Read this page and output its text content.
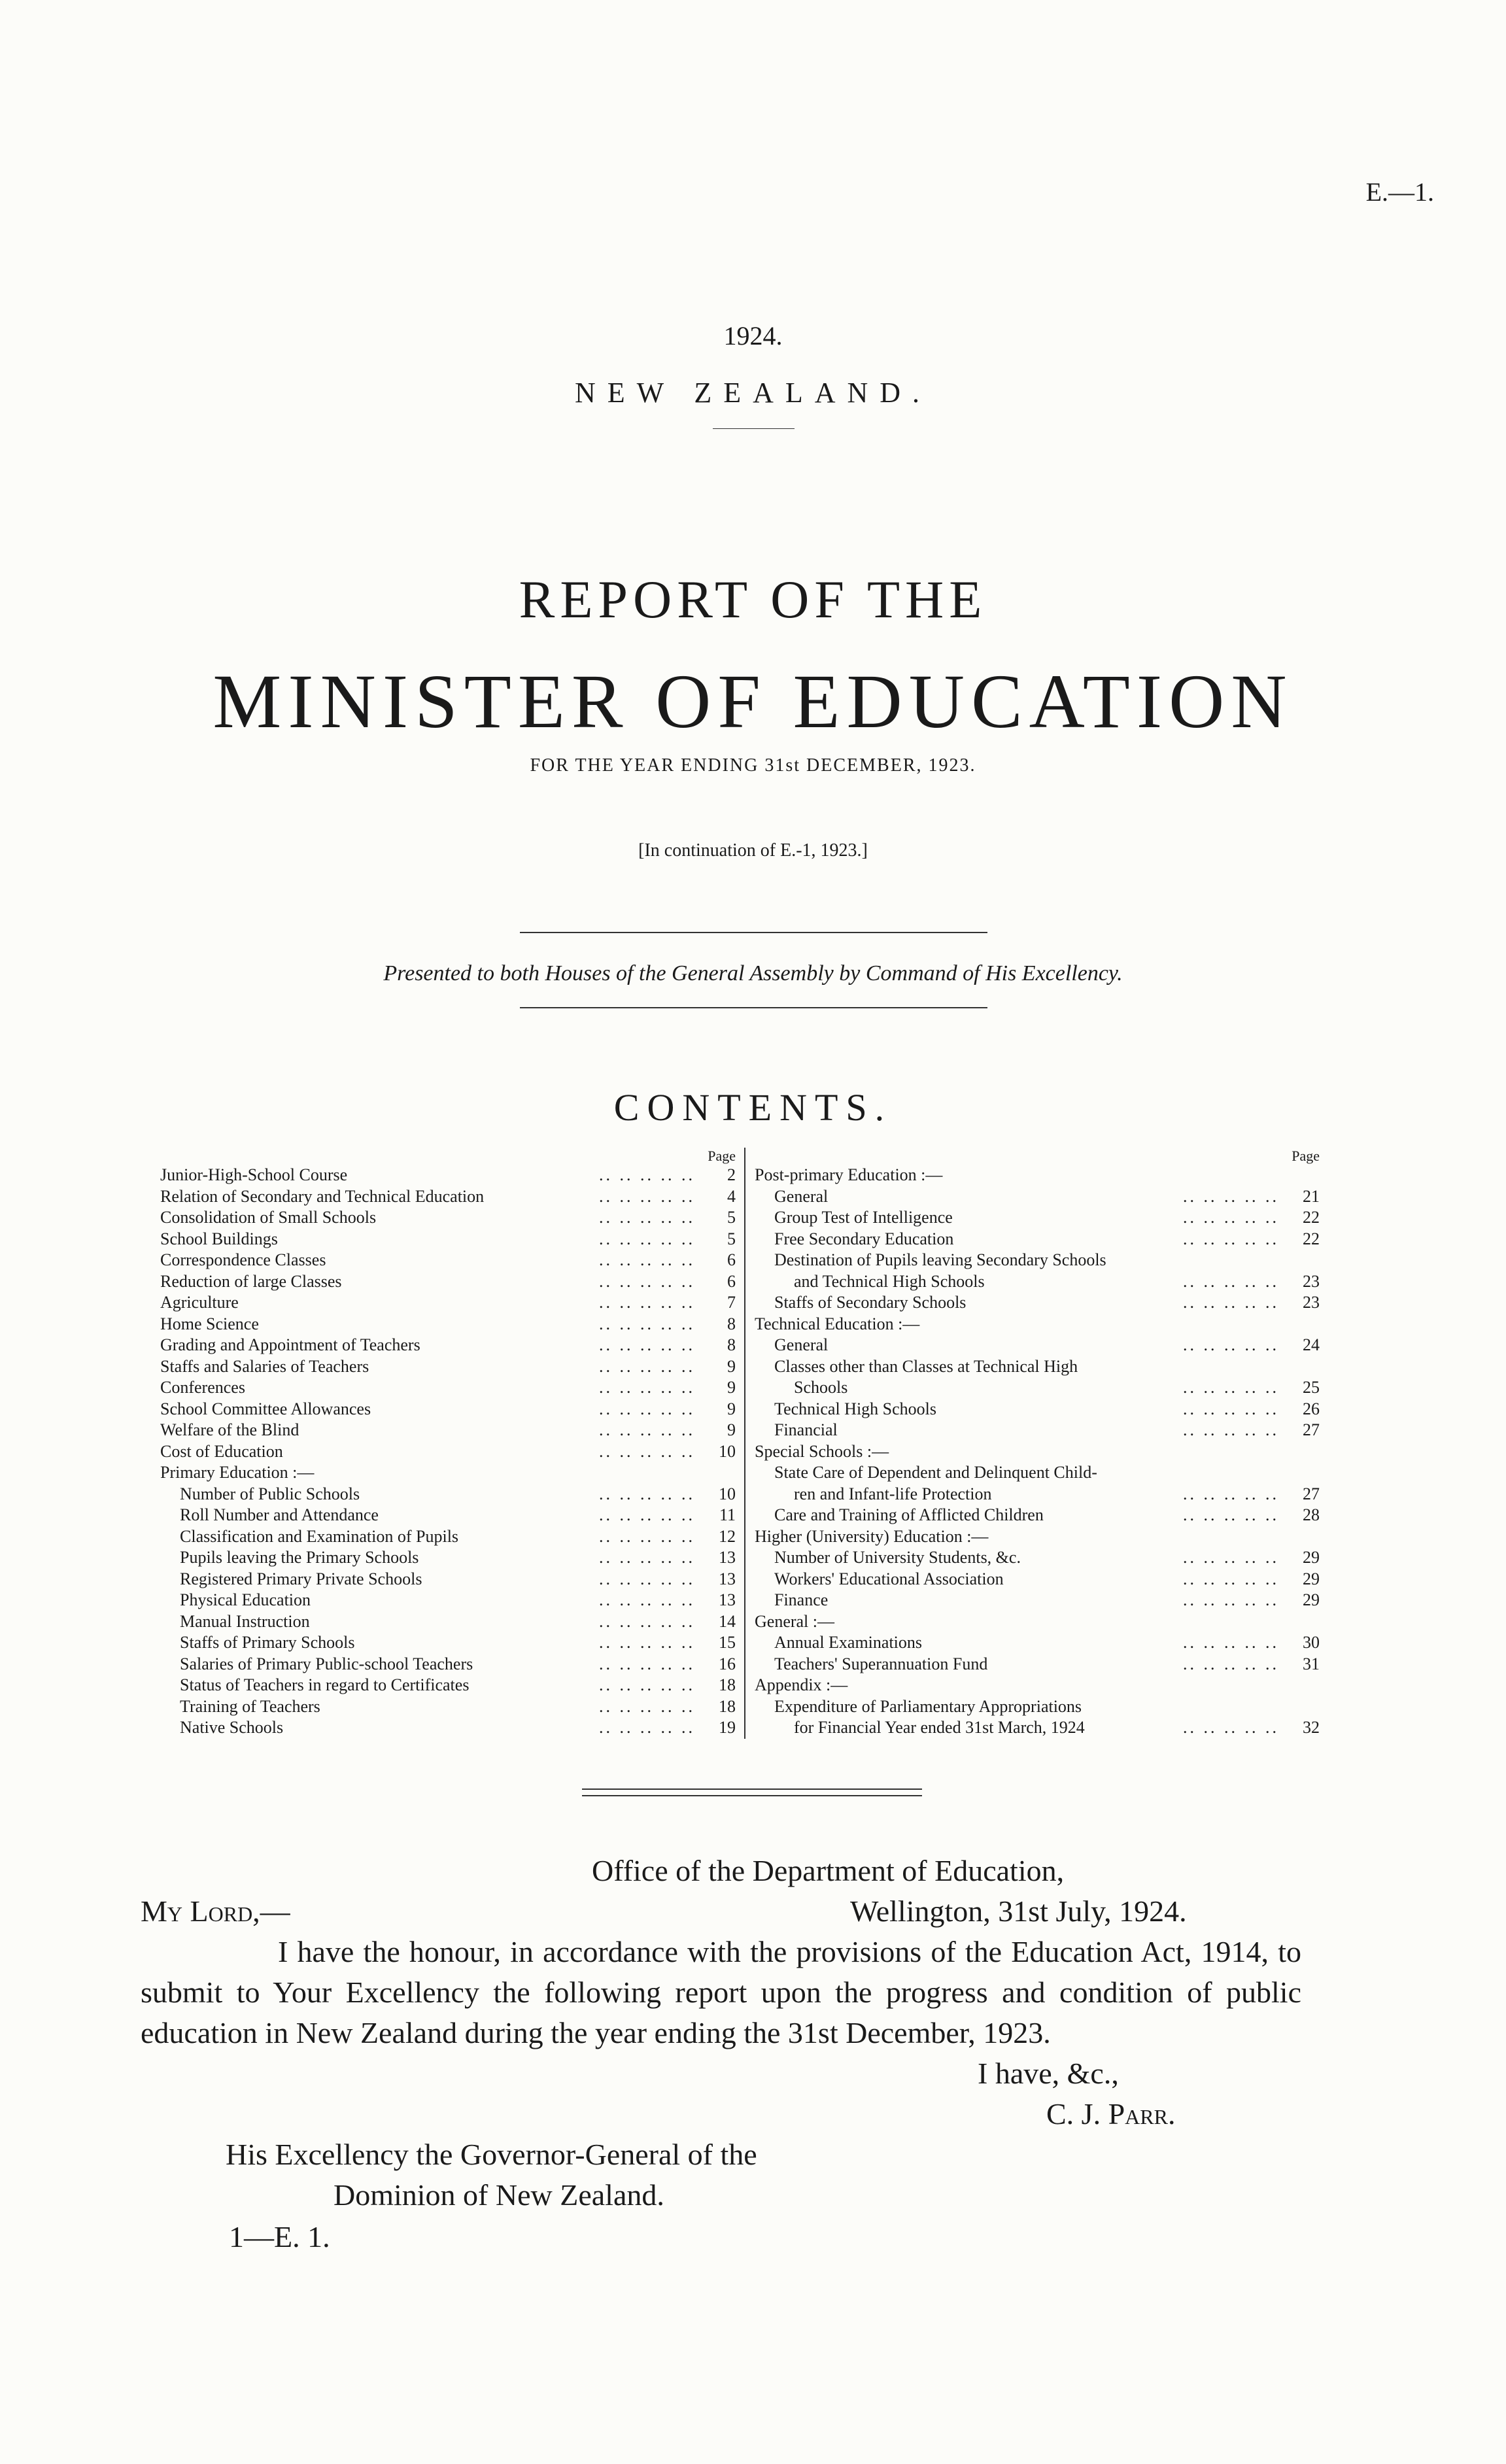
E.—1.
1924.
NEW ZEALAND.
REPORT OF THE
MINISTER OF EDUCATION
FOR THE YEAR ENDING 31st DECEMBER, 1923.
[In continuation of E.-1, 1923.]
Presented to both Houses of the General Assembly by Command of His Excellency.
CONTENTS.
Page
.. .. .. .. ..
Junior-High-School Course	2
.. .. .. .. ..
Relation of Secondary and Technical Education	4
.. .. .. .. ..
Consolidation of Small Schools	5
.. .. .. .. ..
School Buildings	5
.. .. .. .. ..
Correspondence Classes	6
.. .. .. .. ..
Reduction of large Classes	6
.. .. .. .. ..
Agriculture	7
.. .. .. .. ..
Home Science	8
.. .. .. .. ..
Grading and Appointment of Teachers	8
.. .. .. .. ..
Staffs and Salaries of Teachers	9
.. .. .. .. ..
Conferences	9
.. .. .. .. ..
School Committee Allowances	9
.. .. .. .. ..
Welfare of the Blind	9
.. .. .. .. ..
Cost of Education	10
Primary Education :—
.. .. .. .. ..
Number of Public Schools	10
.. .. .. .. ..
Roll Number and Attendance	11
.. .. .. .. ..
Classification and Examination of Pupils	12
.. .. .. .. ..
Pupils leaving the Primary Schools	13
.. .. .. .. ..
Registered Primary Private Schools	13
.. .. .. .. ..
Physical Education	13
.. .. .. .. ..
Manual Instruction	14
.. .. .. .. ..
Staffs of Primary Schools	15
.. .. .. .. ..
Salaries of Primary Public-school Teachers	16
.. .. .. .. ..
Status of Teachers in regard to Certificates	18
.. .. .. .. ..
Training of Teachers	18
.. .. .. .. ..
Native Schools	19
Page
Post-primary Education :—
.. .. .. .. ..
General	21
.. .. .. .. ..
Group Test of Intelligence	22
.. .. .. .. ..
Free Secondary Education	22
Destination of Pupils leaving Secondary Schools
.. .. .. .. ..
and Technical High Schools	23
.. .. .. .. ..
Staffs of Secondary Schools	23
Technical Education :—
.. .. .. .. ..
General	24
Classes other than Classes at Technical High
.. .. .. .. ..
Schools	25
.. .. .. .. ..
Technical High Schools	26
.. .. .. .. ..
Financial	27
Special Schools :—
State Care of Dependent and Delinquent Child-
.. .. .. .. ..
ren and Infant-life Protection	27
.. .. .. .. ..
Care and Training of Afflicted Children	28
Higher (University) Education :—
.. .. .. .. ..
Number of University Students, &c.	29
.. .. .. .. ..
Workers' Educational Association	29
.. .. .. .. ..
Finance	29
General :—
.. .. .. .. ..
Annual Examinations	30
.. .. .. .. ..
Teachers' Superannuation Fund	31
Appendix :—
Expenditure of Parliamentary Appropriations
.. .. .. .. ..
for Financial Year ended 31st March, 1924	32
Office of the Department of Education,
My Lord,—	Wellington, 31st July, 1924.
I have the honour, in accordance with the provisions of the Education Act, 1914, to submit to Your Excellency the following report upon the progress and condition of public education in New Zealand during the year ending the 31st December, 1923.
I have, &c.,
C. J. Parr.
His Excellency the Governor-General of the
Dominion of New Zealand.
1—E. 1.
